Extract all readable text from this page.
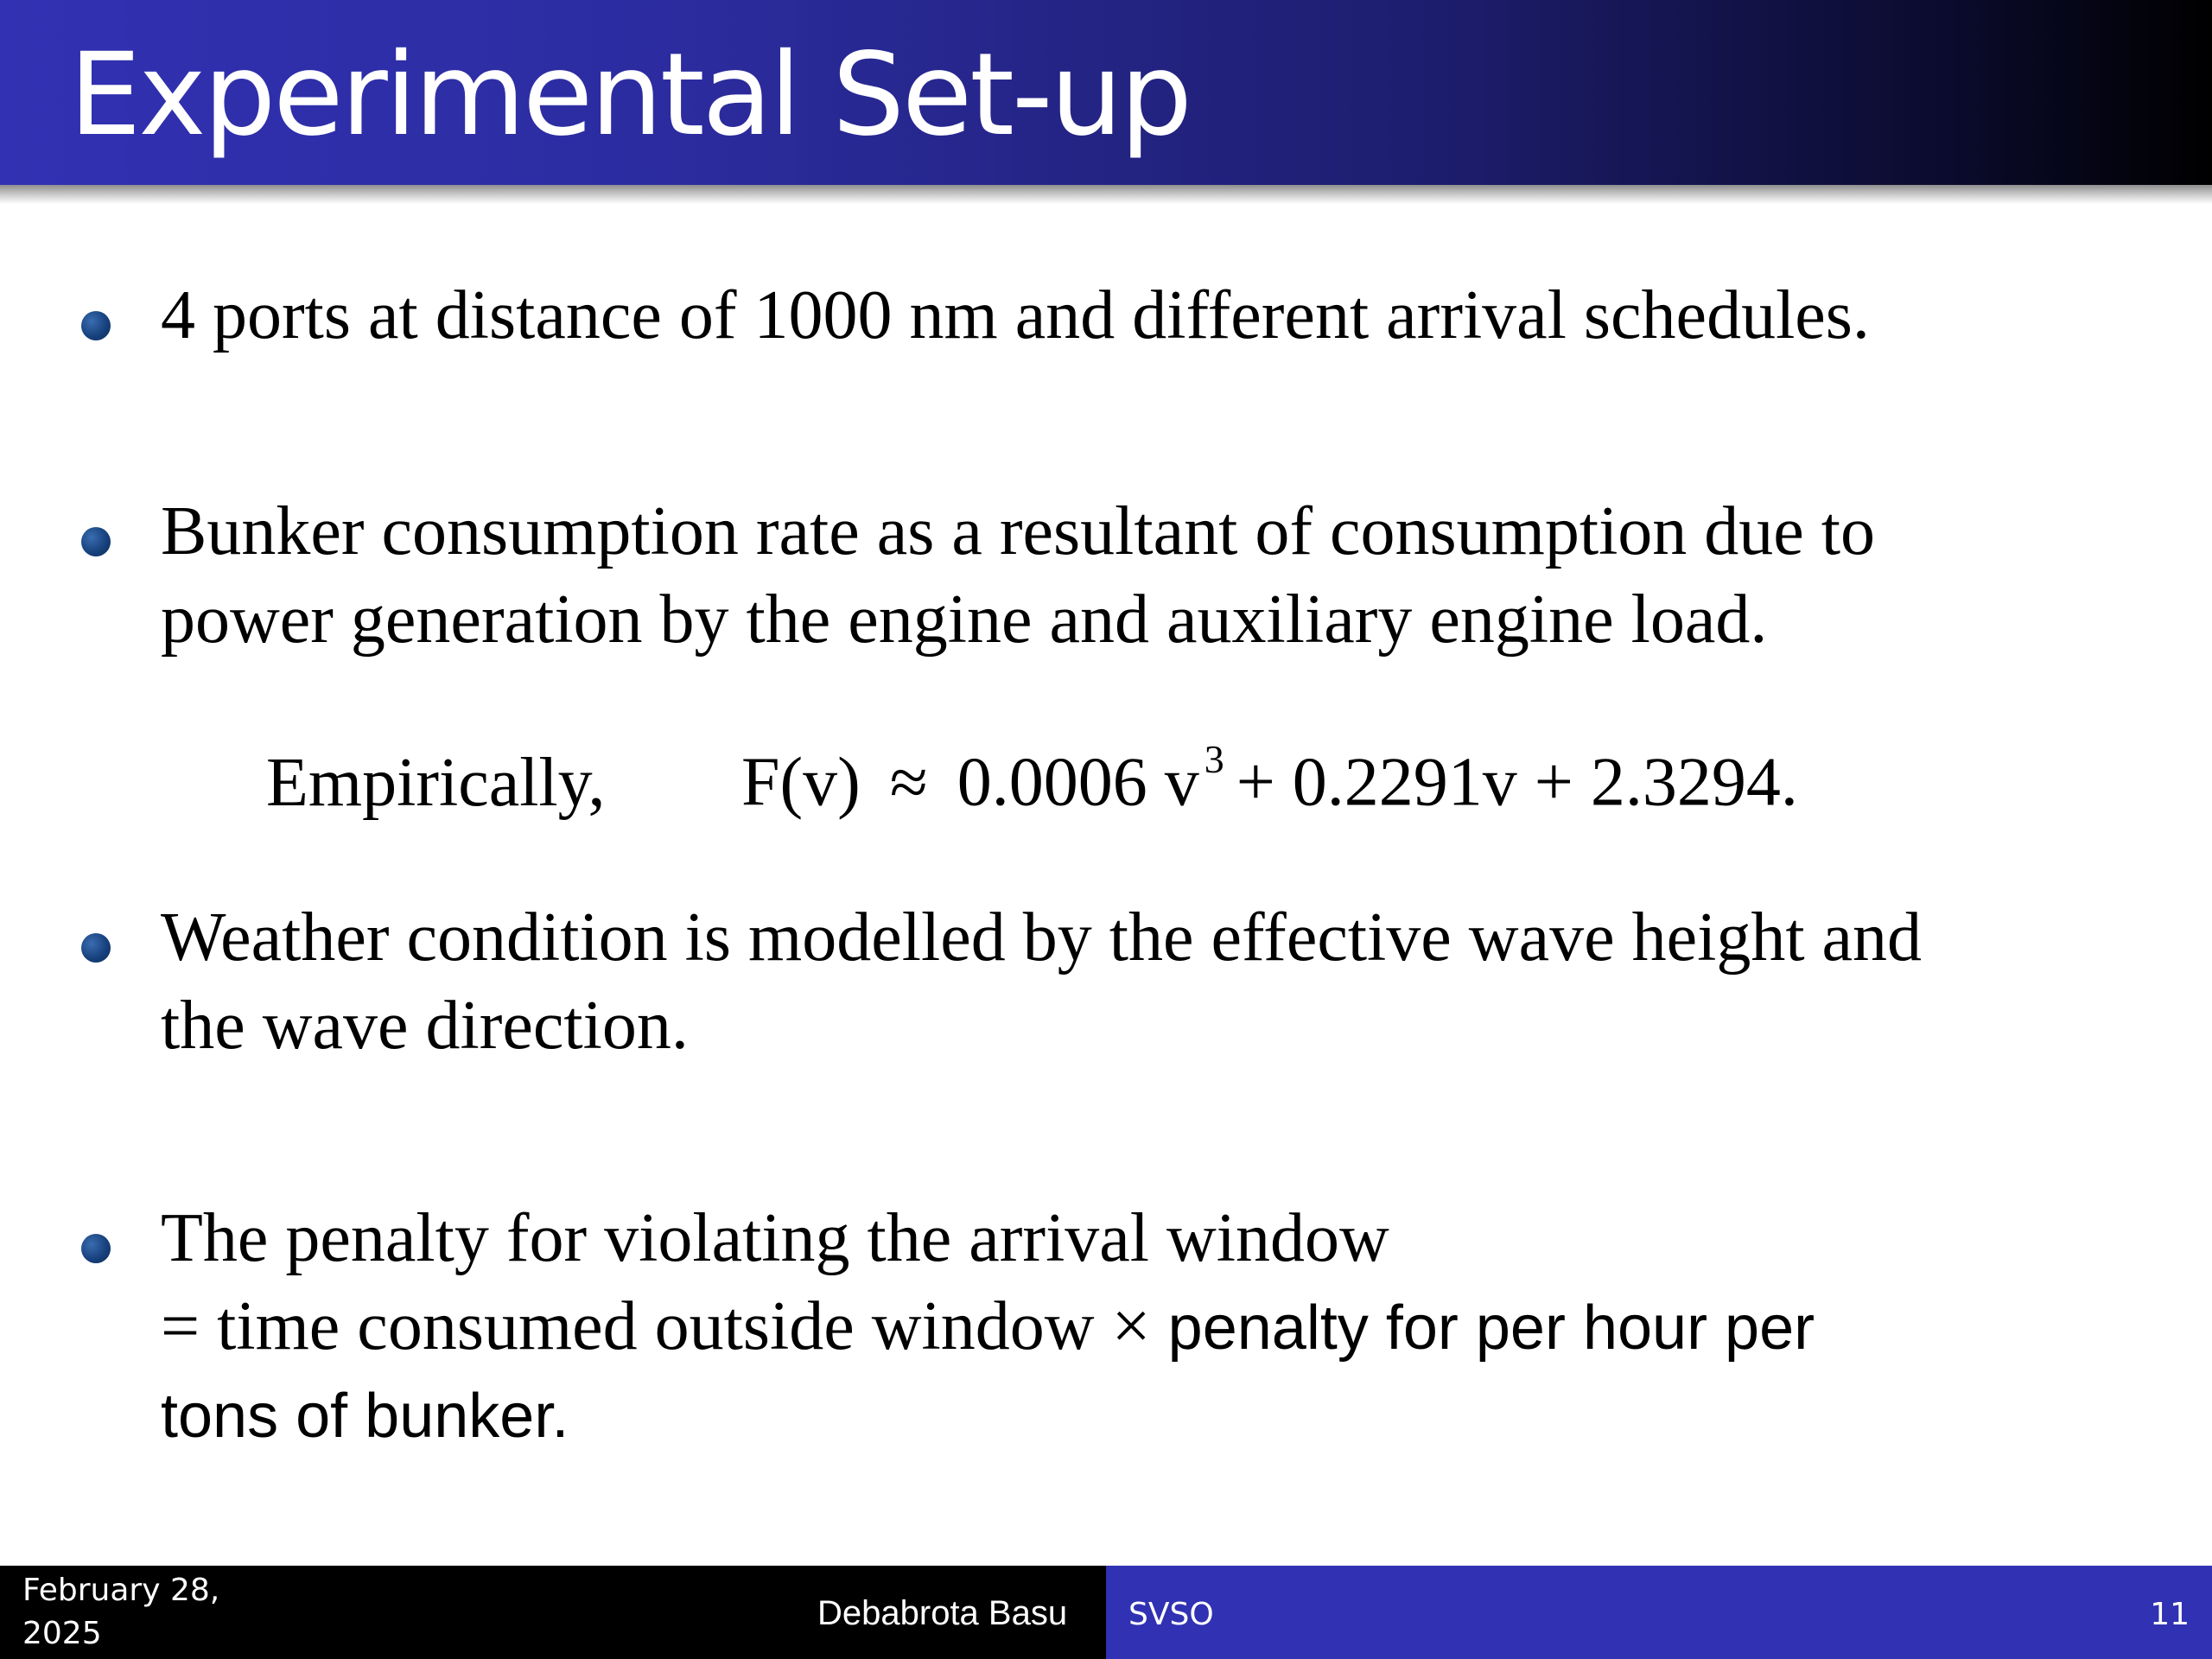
Experimental Set-up
4 ports at distance of 1000 nm and different arrival schedules.
Bunker consumption rate as a resultant of consumption due to
power generation by the engine and auxiliary engine load.
Empirically, F(v) ≈ 0.0006 v $^3$ + 0.2291v + 2.3294.
Weather condition is modelled by the effective wave height and
the wave direction.
The penalty for violating the arrival window
= time consumed outside window × penalty for per hour per
tons of bunker.
February 28, 2025
Debabrota Basu SVSO	11
